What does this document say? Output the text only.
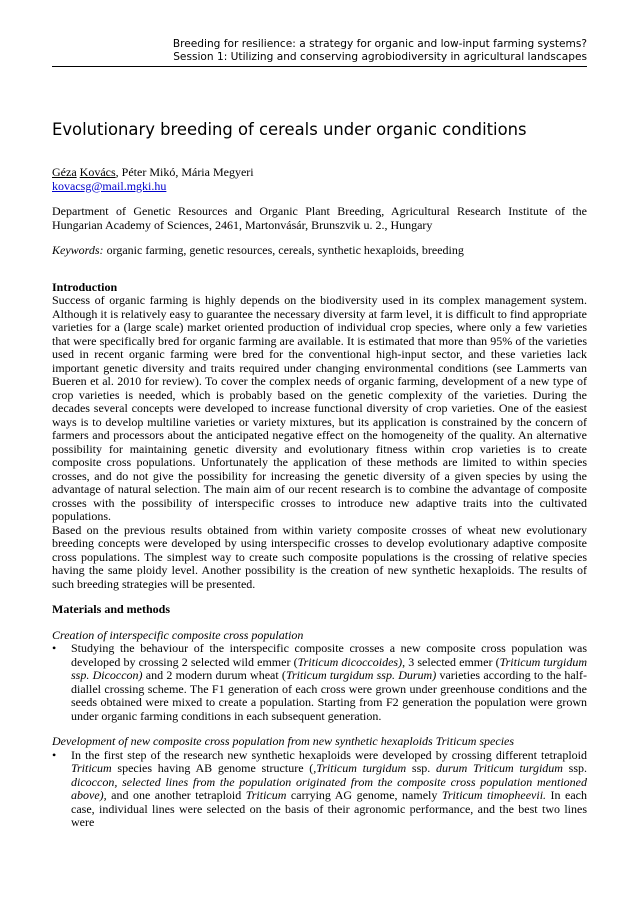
Breeding for resilience: a strategy for organic and low-input farming systems?
Session 1: Utilizing and conserving agrobiodiversity in agricultural landscapes
Evolutionary breeding of cereals under organic conditions

Géza Kovács, Péter Mikó, Mária Megyeri

kovacsg@mail.mgki.hu

Department of Genetic Resources and Organic Plant Breeding, Agricultural Research Institute of the Hungarian Academy of Sciences, 2461, Martonvásár, Brunszvik u. 2., Hungary

Keywords: organic farming, genetic resources, cereals, synthetic hexaploids, breeding

Introduction

Success of organic farming is highly depends on the biodiversity used in its complex management system. Although it is relatively easy to guarantee the necessary diversity at farm level, it is difficult to find appropriate varieties for a (large scale) market oriented production of individual crop species, where only a few varieties that were specifically bred for organic farming are available. It is estimated that more than 95% of the varieties used in recent organic farming were bred for the conventional high-input sector, and these varieties lack important genetic diversity and traits required under changing environmental conditions (see Lammerts van Bueren et al. 2010 for review). To cover the complex needs of organic farming, development of a new type of crop varieties is needed, which is probably based on the genetic complexity of the varieties. During the decades several concepts were developed to increase functional diversity of crop varieties. One of the easiest ways is to develop multiline varieties or variety mixtures, but its application is constrained by the concern of farmers and processors about the anticipated negative effect on the homogeneity of the quality. An alternative possibility for maintaining genetic diversity and evolutionary fitness within crop varieties is to create composite cross populations. Unfortunately the application of these methods are limited to within species crosses, and do not give the possibility for increasing the genetic diversity of a given species by using the advantage of natural selection. The main aim of our recent research is to combine the advantage of composite crosses with the possibility of interspecific crosses to introduce new adaptive traits into the cultivated populations.

Based on the previous results obtained from within variety composite crosses of wheat new evolutionary breeding concepts were developed by using interspecific crosses to develop evolutionary adaptive composite cross populations. The simplest way to create such composite populations is the crossing of relative species having the same ploidy level. Another possibility is the creation of new synthetic hexaploids. The results of such breeding strategies will be presented.

Materials and methods

Creation of interspecific composite cross population

• Studying the behaviour of the interspecific composite crosses a new composite cross population was developed by crossing 2 selected wild emmer (Triticum dicoccoides), 3 selected emmer (Triticum turgidum ssp. Dicoccon) and 2 modern durum wheat (Triticum turgidum ssp. Durum) varieties according to the half-diallel crossing scheme. The F1 generation of each cross were grown under greenhouse conditions and the seeds obtained were mixed to create a population. Starting from F2 generation the population were grown under organic farming conditions in each subsequent generation.

Development of new composite cross population from new synthetic hexaploids Triticum species

• In the first step of the research new synthetic hexaploids were developed by crossing different tetraploid Triticum species having AB genome structure (,Triticum turgidum ssp. durum Triticum turgidum ssp. dicoccon, selected lines from the population originated from the composite cross population mentioned above), and one another tetraploid Triticum carrying AG genome, namely Triticum timopheevii. In each case, individual lines were selected on the basis of their agronomic performance, and the best two lines were
